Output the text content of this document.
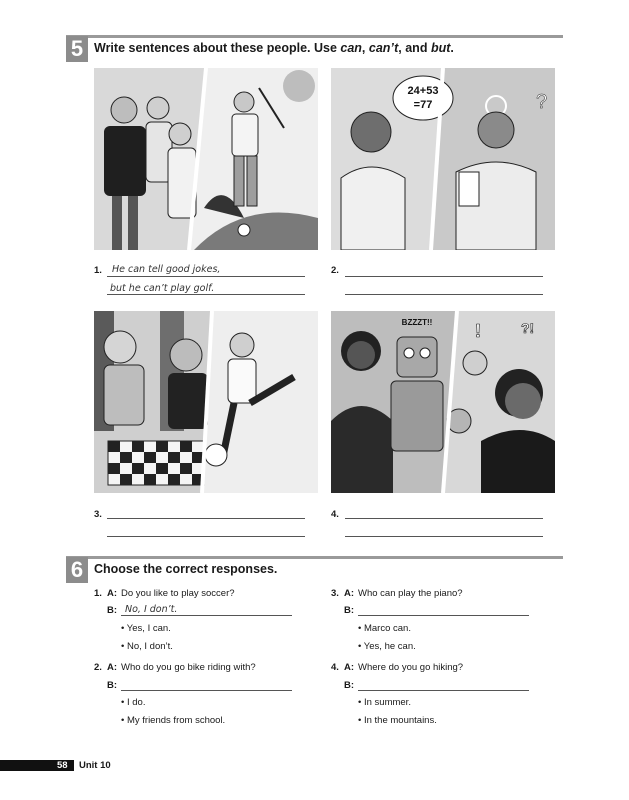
5 Write sentences about these people. Use can, can’t, and but.
24+53
=77	?
1. He can tell good jokes,
but he can’t play golf.
2.
BZZZT!! !	?!
3.	4.
6 Choose the correct responses.
1. A: Do you like to play soccer?
B: No, I don’t.
• Yes, I can.
• No, I don’t.
2. A: Who do you go bike riding with?
B:
• I do.
• My friends from school.
3. A: Who can play the piano?
B:
• Marco can.
• Yes, he can.
4. A: Where do you go hiking?
B:
• In summer.
• In the mountains.
58 Unit 10
